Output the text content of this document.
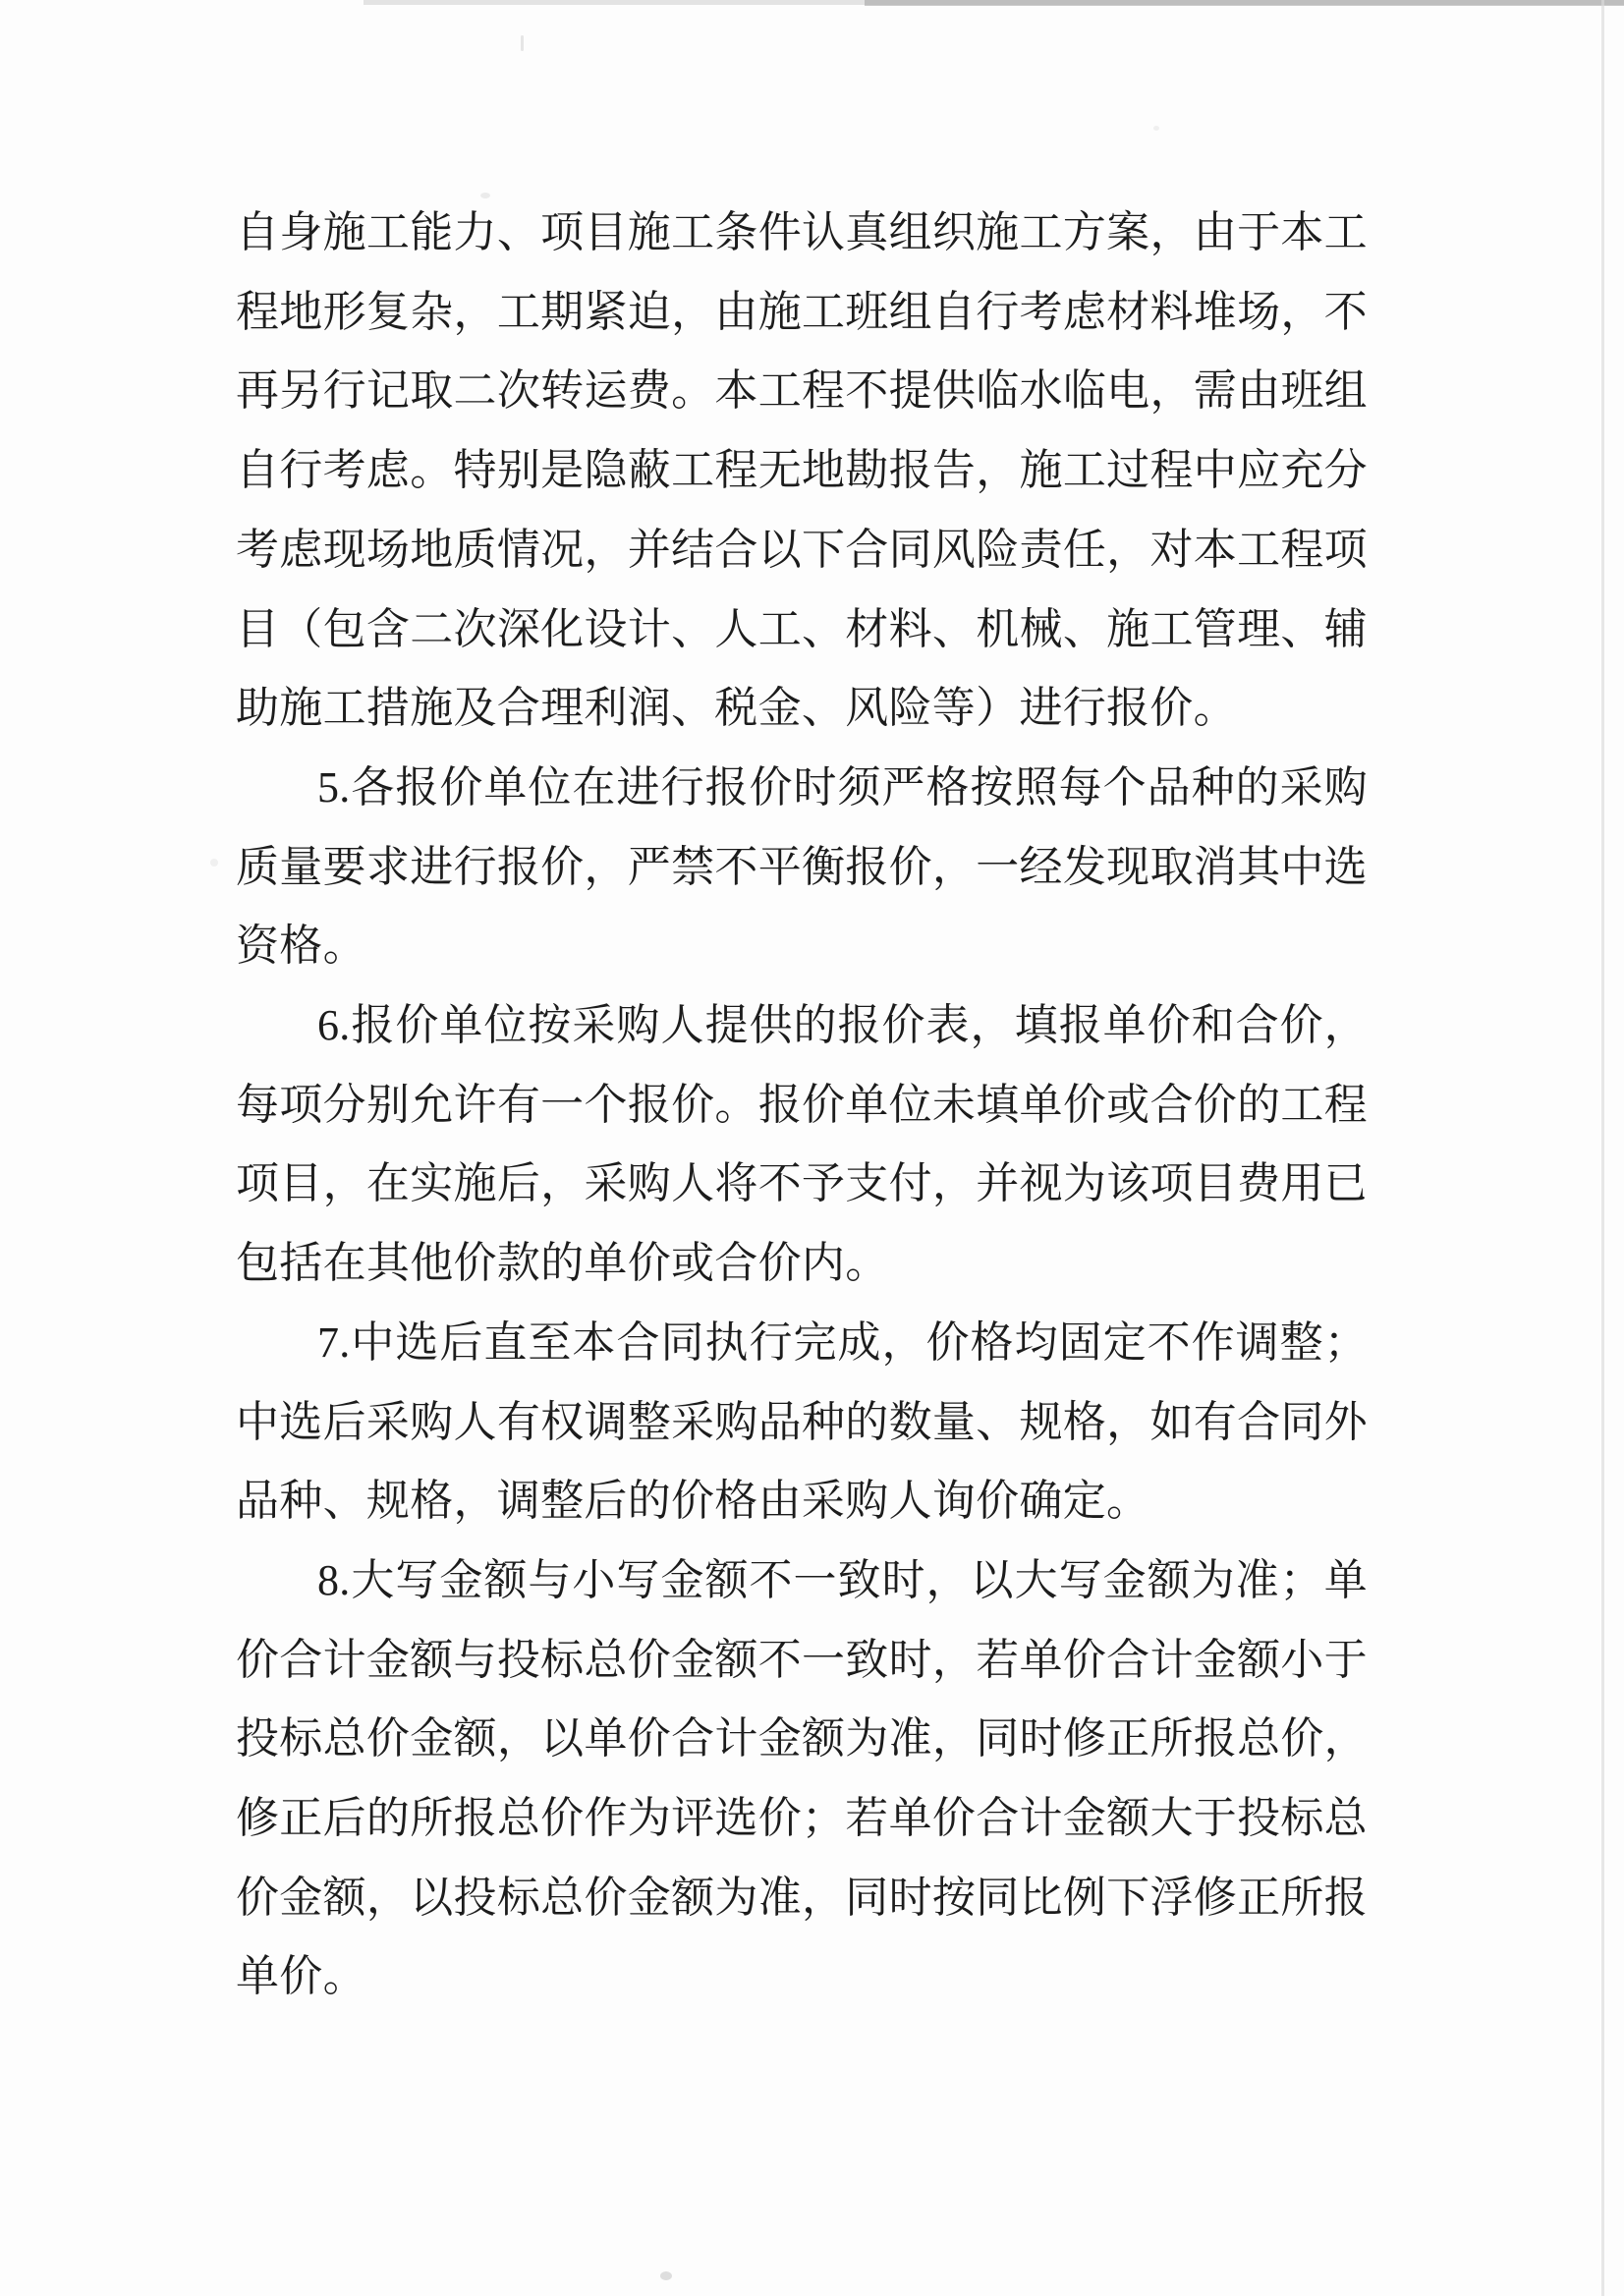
自身施工能力、项目施工条件认真组织施工方案，由于本工程地形复杂，工期紧迫，由施工班组自行考虑材料堆场，不再另行记取二次转运费。本工程不提供临水临电，需由班组自行考虑。特别是隐蔽工程无地勘报告，施工过程中应充分考虑现场地质情况，并结合以下合同风险责任，对本工程项目（包含二次深化设计、人工、材料、机械、施工管理、辅助施工措施及合理利润、税金、风险等）进行报价。

5.各报价单位在进行报价时须严格按照每个品种的采购质量要求进行报价，严禁不平衡报价，一经发现取消其中选资格。

6.报价单位按采购人提供的报价表，填报单价和合价，每项分别允许有一个报价。报价单位未填单价或合价的工程项目，在实施后，采购人将不予支付，并视为该项目费用已包括在其他价款的单价或合价内。

7.中选后直至本合同执行完成，价格均固定不作调整；中选后采购人有权调整采购品种的数量、规格，如有合同外品种、规格，调整后的价格由采购人询价确定。

8.大写金额与小写金额不一致时，以大写金额为准；单价合计金额与投标总价金额不一致时，若单价合计金额小于投标总价金额，以单价合计金额为准，同时修正所报总价，修正后的所报总价作为评选价；若单价合计金额大于投标总价金额，以投标总价金额为准，同时按同比例下浮修正所报单价。
